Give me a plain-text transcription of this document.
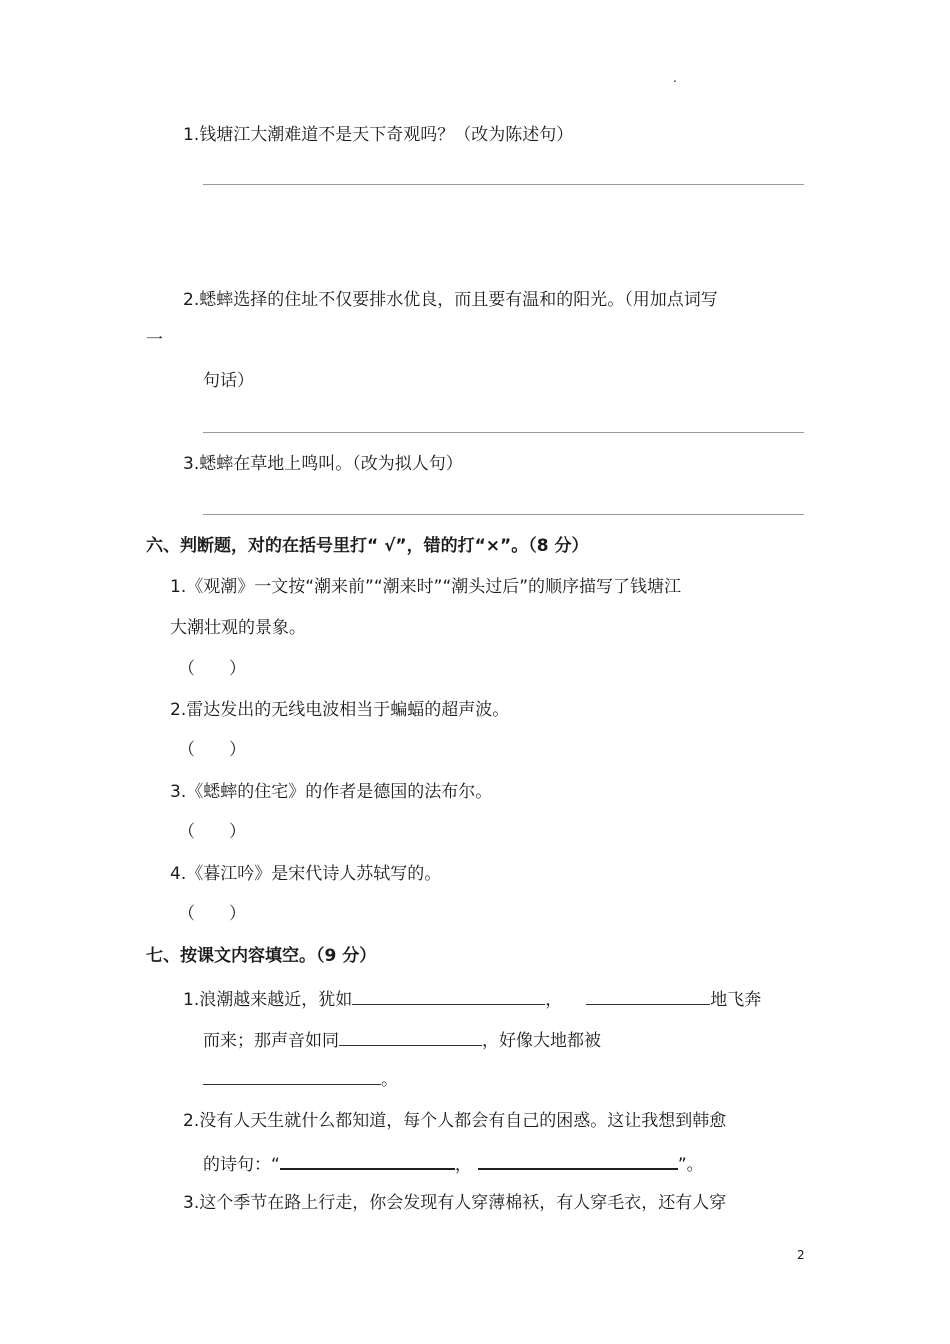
.
1.钱塘江大潮难道不是天下奇观吗？（改为陈述句）
2.蟋蟀选择的住址不仅要排水优良，而且要有温和的阳光。（用加点词写
一
句话）
3.蟋蟀在草地上鸣叫。（改为拟人句）
六、判断题，对的在括号里打“ √”，错的打“×”。（8 分）
1.《观潮》一文按“潮来前”“潮来时”“潮头过后”的顺序描写了钱塘江
大潮壮观的景象。
（　　）
2.雷达发出的无线电波相当于蝙蝠的超声波。
（　　）
3.《蟋蟀的住宅》的作者是德国的法布尔。
（　　）
4.《暮江吟》是宋代诗人苏轼写的。
（　　）
七、按课文内容填空。（9 分）
1.浪潮越来越近，犹如	，	地飞奔
而来；那声音如同	，好像大地都被
。
2.没有人天生就什么都知道，每个人都会有自己的困惑。这让我想到韩愈
的诗句：“	，	”。
3.这个季节在路上行走，你会发现有人穿薄棉袄，有人穿毛衣，还有人穿
2
